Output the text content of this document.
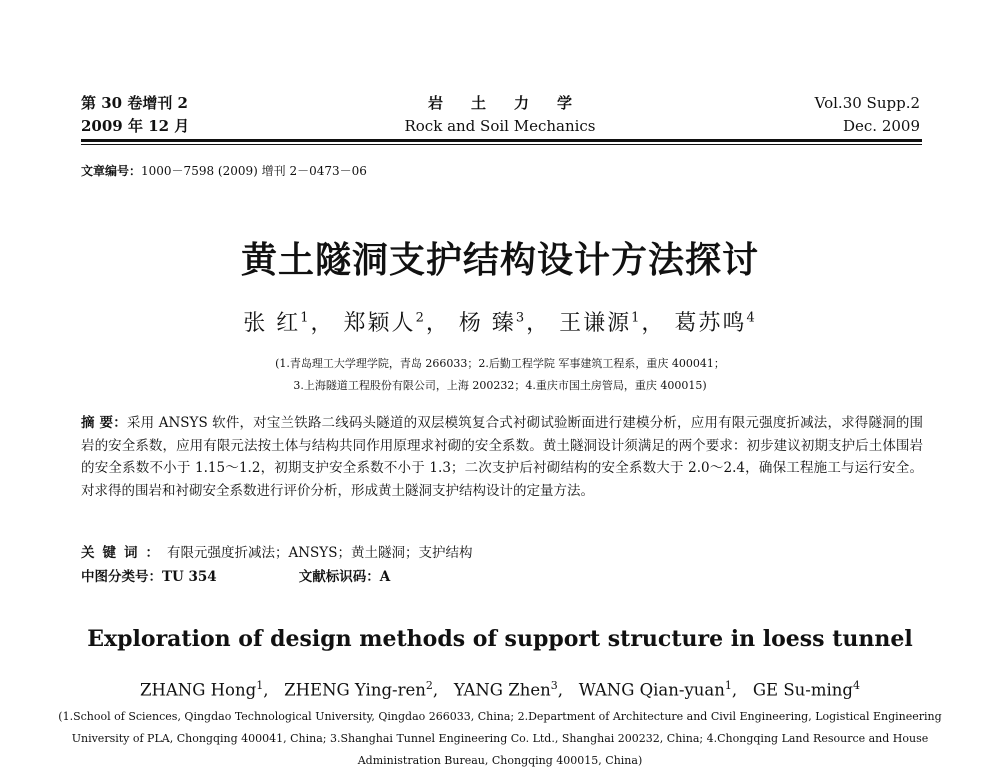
第 30 卷增刊 2
2009 年 12 月
岩土力学
Rock and Soil Mechanics
Vol.30 Supp.2
Dec. 2009
文章编号：1000－7598 (2009) 增刊 2－0473－06
黄土隧洞支护结构设计方法探讨
张 红$^1$， 郑颖人$^2$， 杨 臻$^3$， 王谦源$^1$， 葛苏鸣$^4$
(1.青岛理工大学理学院，青岛 266033；2.后勤工程学院 军事建筑工程系，重庆 400041；
3.上海隧道工程股份有限公司，上海 200232；4.重庆市国土房管局，重庆 400015)
摘 要：采用 ANSYS 软件，对宝兰铁路二线码头隧道的双层模筑复合式衬砌试验断面进行建模分析，应用有限元强度折减法，求得隧洞的围岩的安全系数，应用有限元法按土体与结构共同作用原理求衬砌的安全系数。黄土隧洞设计须满足的两个要求：初步建议初期支护后土体围岩的安全系数不小于 1.15～1.2，初期支护安全系数不小于 1.3；二次支护后衬砌结构的安全系数大于 2.0～2.4，确保工程施工与运行安全。对求得的围岩和衬砌安全系数进行评价分析，形成黄土隧洞支护结构设计的定量方法。
关键词：有限元强度折减法；ANSYS；黄土隧洞；支护结构
中图分类号：TU 354	文献标识码：A
Exploration of design methods of support structure in loess tunnel
ZHANG Hong$^1$,   ZHENG Ying-ren$^2$,   YANG Zhen$^3$,   WANG Qian-yuan$^1$,   GE Su-ming$^4$
(1.School of Sciences, Qingdao Technological University, Qingdao 266033, China; 2.Department of Architecture and Civil Engineering, Logistical Engineering
University of PLA, Chongqing 400041, China; 3.Shanghai Tunnel Engineering Co. Ltd., Shanghai 200232, China; 4.Chongqing Land Resource and House
Administration Bureau, Chongqing 400015, China)
